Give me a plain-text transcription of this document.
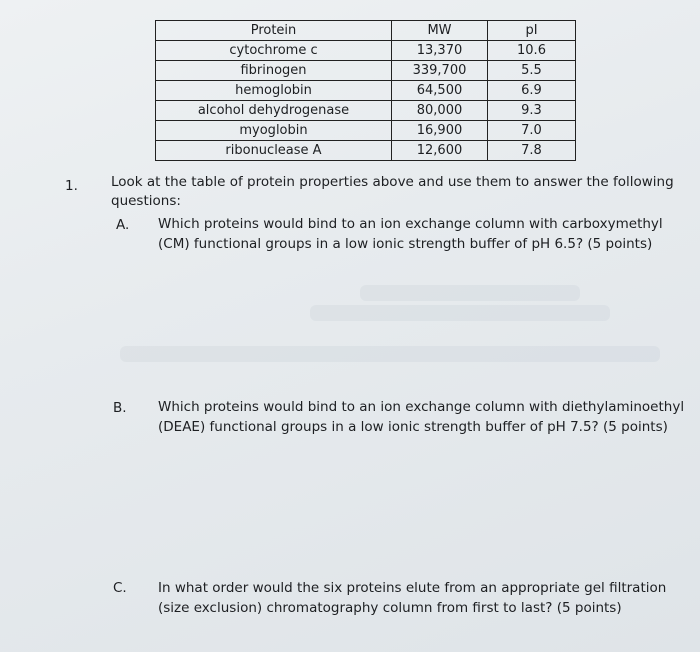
Protein	MW	pI
cytochrome c	13,370	10.6
fibrinogen	339,700	5.5
hemoglobin	64,500	6.9
alcohol dehydrogenase	80,000	9.3
myoglobin	16,900	7.0
ribonuclease A	12,600	7.8
1. Look at the table of protein properties above and use them to answer the following questions:
A. Which proteins would bind to an ion exchange column with carboxymethyl (CM) functional groups in a low ionic strength buffer of pH 6.5? (5 points)
B. Which proteins would bind to an ion exchange column with diethylaminoethyl (DEAE) functional groups in a low ionic strength buffer of pH 7.5? (5 points)
C. In what order would the six proteins elute from an appropriate gel filtration (size exclusion) chromatography column from first to last? (5 points)
